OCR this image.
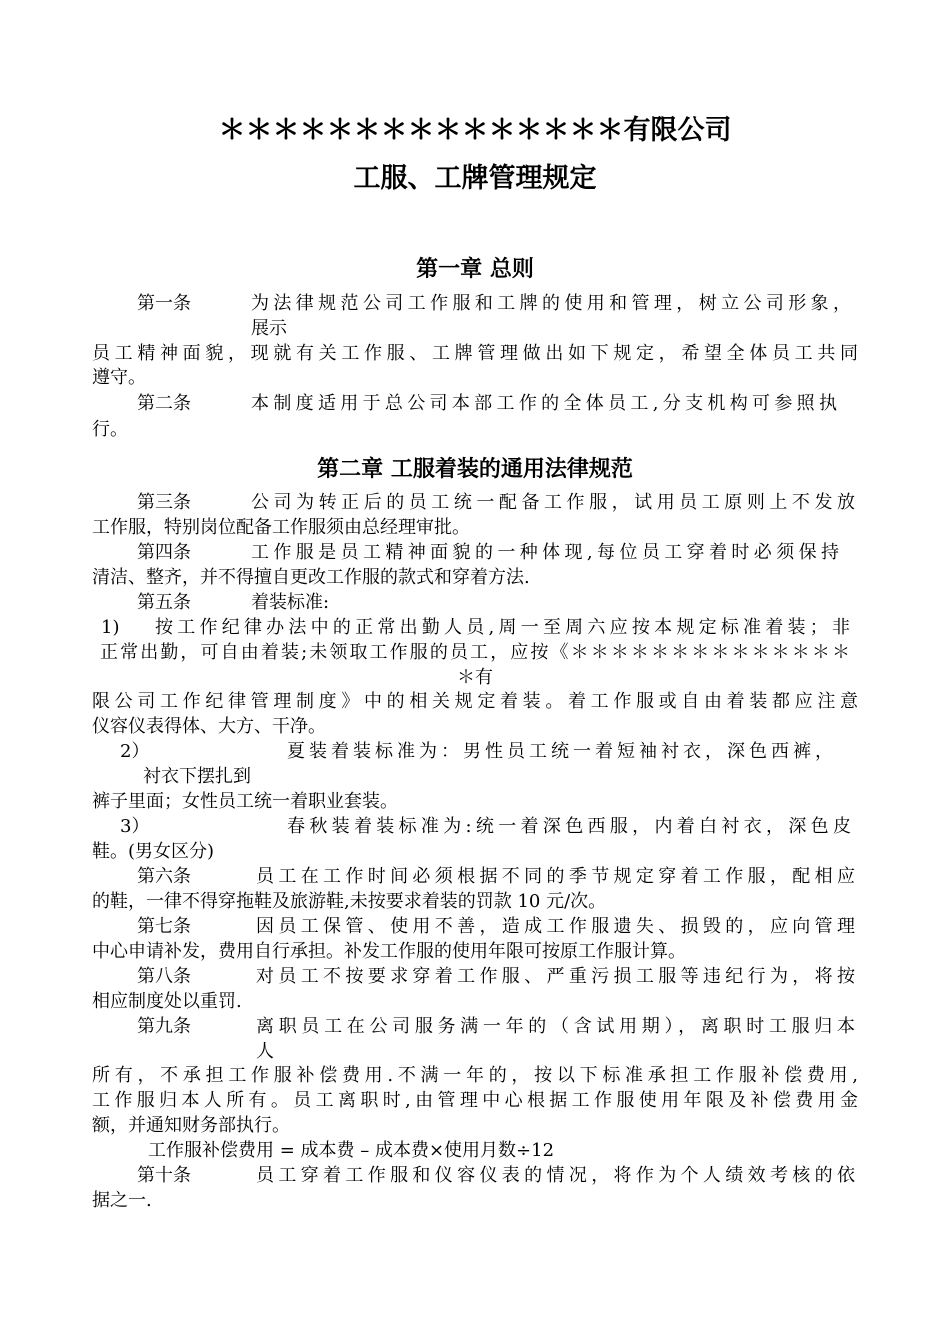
＊＊＊＊＊＊＊＊＊＊＊＊＊＊＊有限公司
工服、工牌管理规定
第一章 总则
第一条	为法律规范公司工作服和工牌的使用和管理，树立公司形象，
展示
员工精神面貌，现就有关工作服、工牌管理做出如下规定，希望全体员工共同
遵守。
第二条	本制度适用于总公司本部工作的全体员工,分支机构可参照执
行。
第二章 工服着装的通用法律规范
第三条	公司为转正后的员工统一配备工作服，试用员工原则上不发放
工作服，特别岗位配备工作服须由总经理审批。
第四条	工作服是员工精神面貌的一种体现,每位员工穿着时必须保持
清洁、整齐，并不得擅自更改工作服的款式和穿着方法.
第五条	着装标准:
1) 按工作纪律办法中的正常出勤人员,周一至周六应按本规定标准着装；非
正常出勤，可自由着装;未领取工作服的员工，应按《＊＊＊＊＊＊＊＊＊＊＊＊＊＊
＊有
限公司工作纪律管理制度》中的相关规定着装。着工作服或自由着装都应注意
仪容仪表得体、大方、干净。
2）	夏装着装标准为：男性员工统一着短袖衬衣，深色西裤，
衬衣下摆扎到
裤子里面；女性员工统一着职业套装。
3）	春秋装着装标准为:统一着深色西服，内着白衬衣，深色皮
鞋。(男女区分)
第六条	员工在工作时间必须根据不同的季节规定穿着工作服，配相应
的鞋，一律不得穿拖鞋及旅游鞋,未按要求着装的罚款 10 元/次。
第七条	因员工保管、使用不善，造成工作服遗失、损毁的，应向管理
中心申请补发，费用自行承担。补发工作服的使用年限可按原工作服计算。
第八条	对员工不按要求穿着工作服、严重污损工服等违纪行为，将按
相应制度处以重罚.
第九条	离职员工在公司服务满一年的（含试用期），离职时工服归本
人
所有，不承担工作服补偿费用.不满一年的，按以下标准承担工作服补偿费用,
工作服归本人所有。员工离职时,由管理中心根据工作服使用年限及补偿费用金
额，并通知财务部执行。
工作服补偿费用 = 成本费 – 成本费×使用月数÷12
第十条	员工穿着工作服和仪容仪表的情况，将作为个人绩效考核的依
据之一.
